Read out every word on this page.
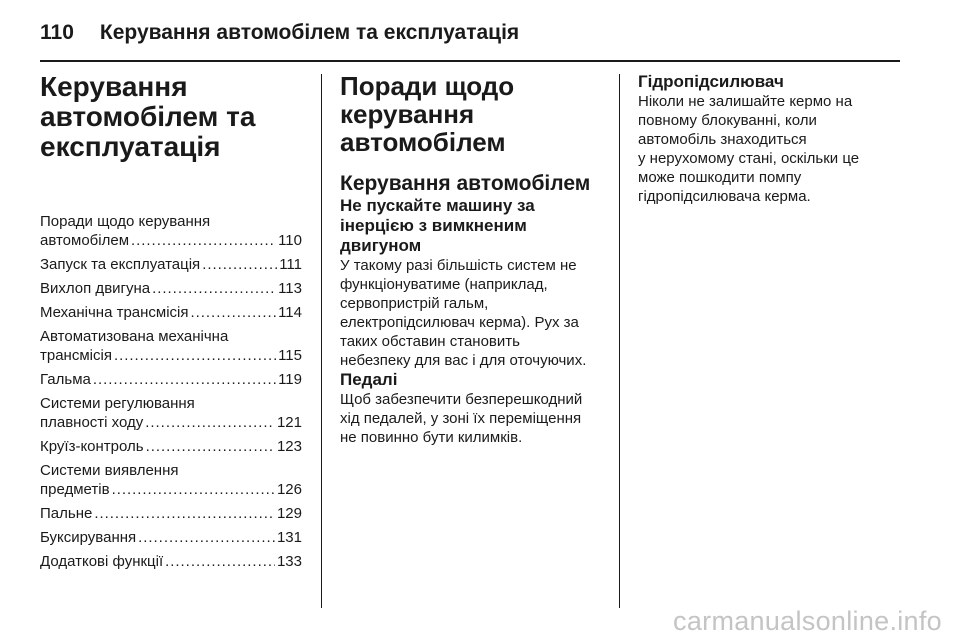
110 Керування автомобілем та експлуатація
Керування
автомобілем та
експлуатація
Поради щодо керування
автомобілем . . .	110
Запуск та експлуатація . . .	111
Вихлоп двигуна . . .	113
Механічна трансмісія . . .	114
Автоматизована механічна
трансмісія . . .	115
Гальма . . .	119
Системи регулювання
плавності ходу . . .	121
Круїз-контроль . . .	123
Системи виявлення
предметів . . .	126
Пальне . . .	129
Буксирування . . .	131
Додаткові функції . . .	133
Поради щодо
керування
автомобілем
Керування автомобілем
Не пускайте машину за
інерцією з вимкненим
двигуном

У такому разі більшість систем не
функціонуватиме (наприклад,
сервопристрій гальм,
електропідсилювач керма). Рух за
таких обставин становить
небезпеку для вас і для оточуючих.

Педалі

Щоб забезпечити безперешкодний
хід педалей, у зоні їх переміщення
не повинно бути килимків.

Гідропідсилювач

Ніколи не залишайте кермо на
повному блокуванні, коли
автомобіль знаходиться
у нерухомому стані, оскільки це
може пошкодити помпу
гідропідсилювача керма.

carmanualsonline.info
